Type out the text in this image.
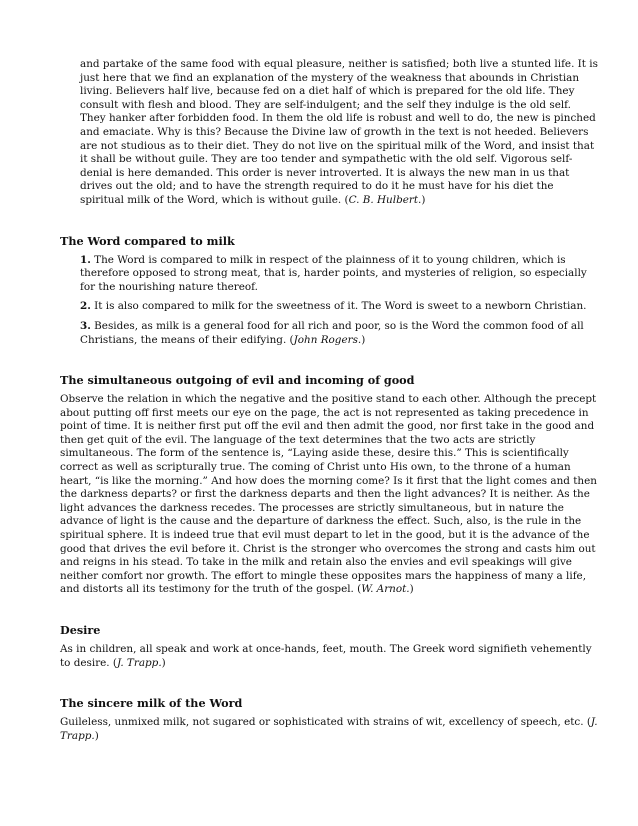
and partake of the same food with equal pleasure, neither is satisfied; both live a stunted life. It is just here that we find an explanation of the mystery of the weakness that abounds in Christian living. Believers half live, because fed on a diet half of which is prepared for the old life. They consult with flesh and blood. They are self-indulgent; and the self they indulge is the old self. They hanker after forbidden food. In them the old life is robust and well to do, the new is pinched and emaciate. Why is this? Because the Divine law of growth in the text is not heeded. Believers are not studious as to their diet. They do not live on the spiritual milk of the Word, and insist that it shall be without guile. They are too tender and sympathetic with the old self. Vigorous self-denial is here demanded. This order is never introverted. It is always the new man in us that drives out the old; and to have the strength required to do it he must have for his diet the spiritual milk of the Word, which is without guile. (C. B. Hulbert.)

The Word compared to milk

1. The Word is compared to milk in respect of the plainness of it to young children, which is therefore opposed to strong meat, that is, harder points, and mysteries of religion, so especially for the nourishing nature thereof.

2. It is also compared to milk for the sweetness of it. The Word is sweet to a newborn Christian.

3. Besides, as milk is a general food for all rich and poor, so is the Word the common food of all Christians, the means of their edifying. (John Rogers.)

The simultaneous outgoing of evil and incoming of good

Observe the relation in which the negative and the positive stand to each other. Although the precept about putting off first meets our eye on the page, the act is not represented as taking precedence in point of time. It is neither first put off the evil and then admit the good, nor first take in the good and then get quit of the evil. The language of the text determines that the two acts are strictly simultaneous. The form of the sentence is, “Laying aside these, desire this.” This is scientifically correct as well as scripturally true. The coming of Christ unto His own, to the throne of a human heart, “is like the morning.” And how does the morning come? Is it first that the light comes and then the darkness departs? or first the darkness departs and then the light advances? It is neither. As the light advances the darkness recedes. The processes are strictly simultaneous, but in nature the advance of light is the cause and the departure of darkness the effect. Such, also, is the rule in the spiritual sphere. It is indeed true that evil must depart to let in the good, but it is the advance of the good that drives the evil before it. Christ is the stronger who overcomes the strong and casts him out and reigns in his stead. To take in the milk and retain also the envies and evil speakings will give neither comfort nor growth. The effort to mingle these opposites mars the happiness of many a life, and distorts all its testimony for the truth of the gospel. (W. Arnot.)

Desire

As in children, all speak and work at once-hands, feet, mouth. The Greek word signifieth vehemently to desire. (J. Trapp.)

The sincere milk of the Word

Guileless, unmixed milk, not sugared or sophisticated with strains of wit, excellency of speech, etc. (J. Trapp.)
